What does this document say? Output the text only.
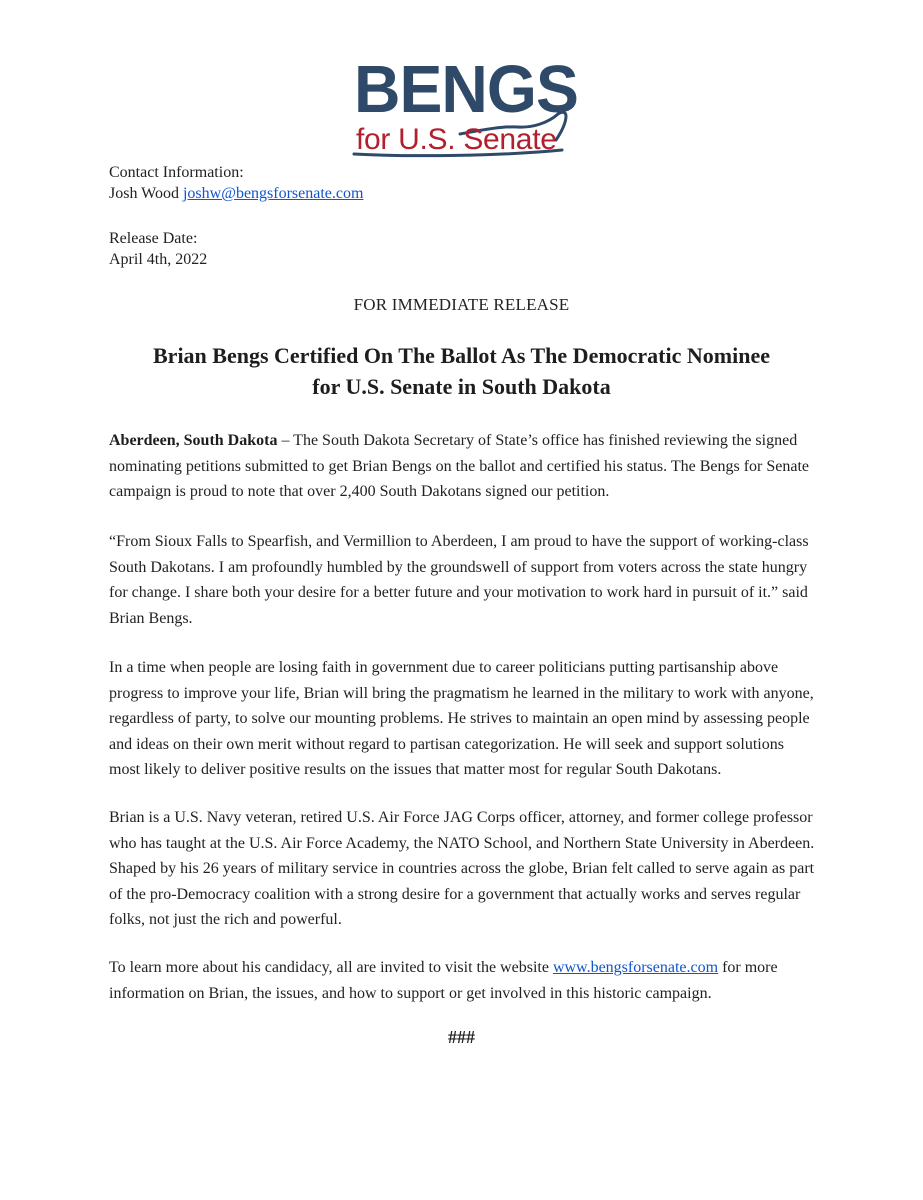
BENGS
for U.S. Senate
Contact Information:
Josh Wood joshw@bengsforsenate.com
Release Date:
April 4th, 2022
FOR IMMEDIATE RELEASE
Brian Bengs Certified On The Ballot As The Democratic Nominee
for U.S. Senate in South Dakota
Aberdeen, South Dakota – The South Dakota Secretary of State’s office has finished reviewing the signed nominating petitions submitted to get Brian Bengs on the ballot and certified his status. The Bengs for Senate campaign is proud to note that over 2,400 South Dakotans signed our petition.
“From Sioux Falls to Spearfish, and Vermillion to Aberdeen, I am proud to have the support of working-class South Dakotans. I am profoundly humbled by the groundswell of support from voters across the state hungry for change. I share both your desire for a better future and your motivation to work hard in pursuit of it.” said Brian Bengs.
In a time when people are losing faith in government due to career politicians putting partisanship above progress to improve your life, Brian will bring the pragmatism he learned in the military to work with anyone, regardless of party, to solve our mounting problems. He strives to maintain an open mind by assessing people and ideas on their own merit without regard to partisan categorization. He will seek and support solutions most likely to deliver positive results on the issues that matter most for regular South Dakotans.
Brian is a U.S. Navy veteran, retired U.S. Air Force JAG Corps officer, attorney, and former college professor who has taught at the U.S. Air Force Academy, the NATO School, and Northern State University in Aberdeen. Shaped by his 26 years of military service in countries across the globe, Brian felt called to serve again as part of the pro-Democracy coalition with a strong desire for a government that actually works and serves regular folks, not just the rich and powerful.
To learn more about his candidacy, all are invited to visit the website www.bengsforsenate.com for more information on Brian, the issues, and how to support or get involved in this historic campaign.
###
